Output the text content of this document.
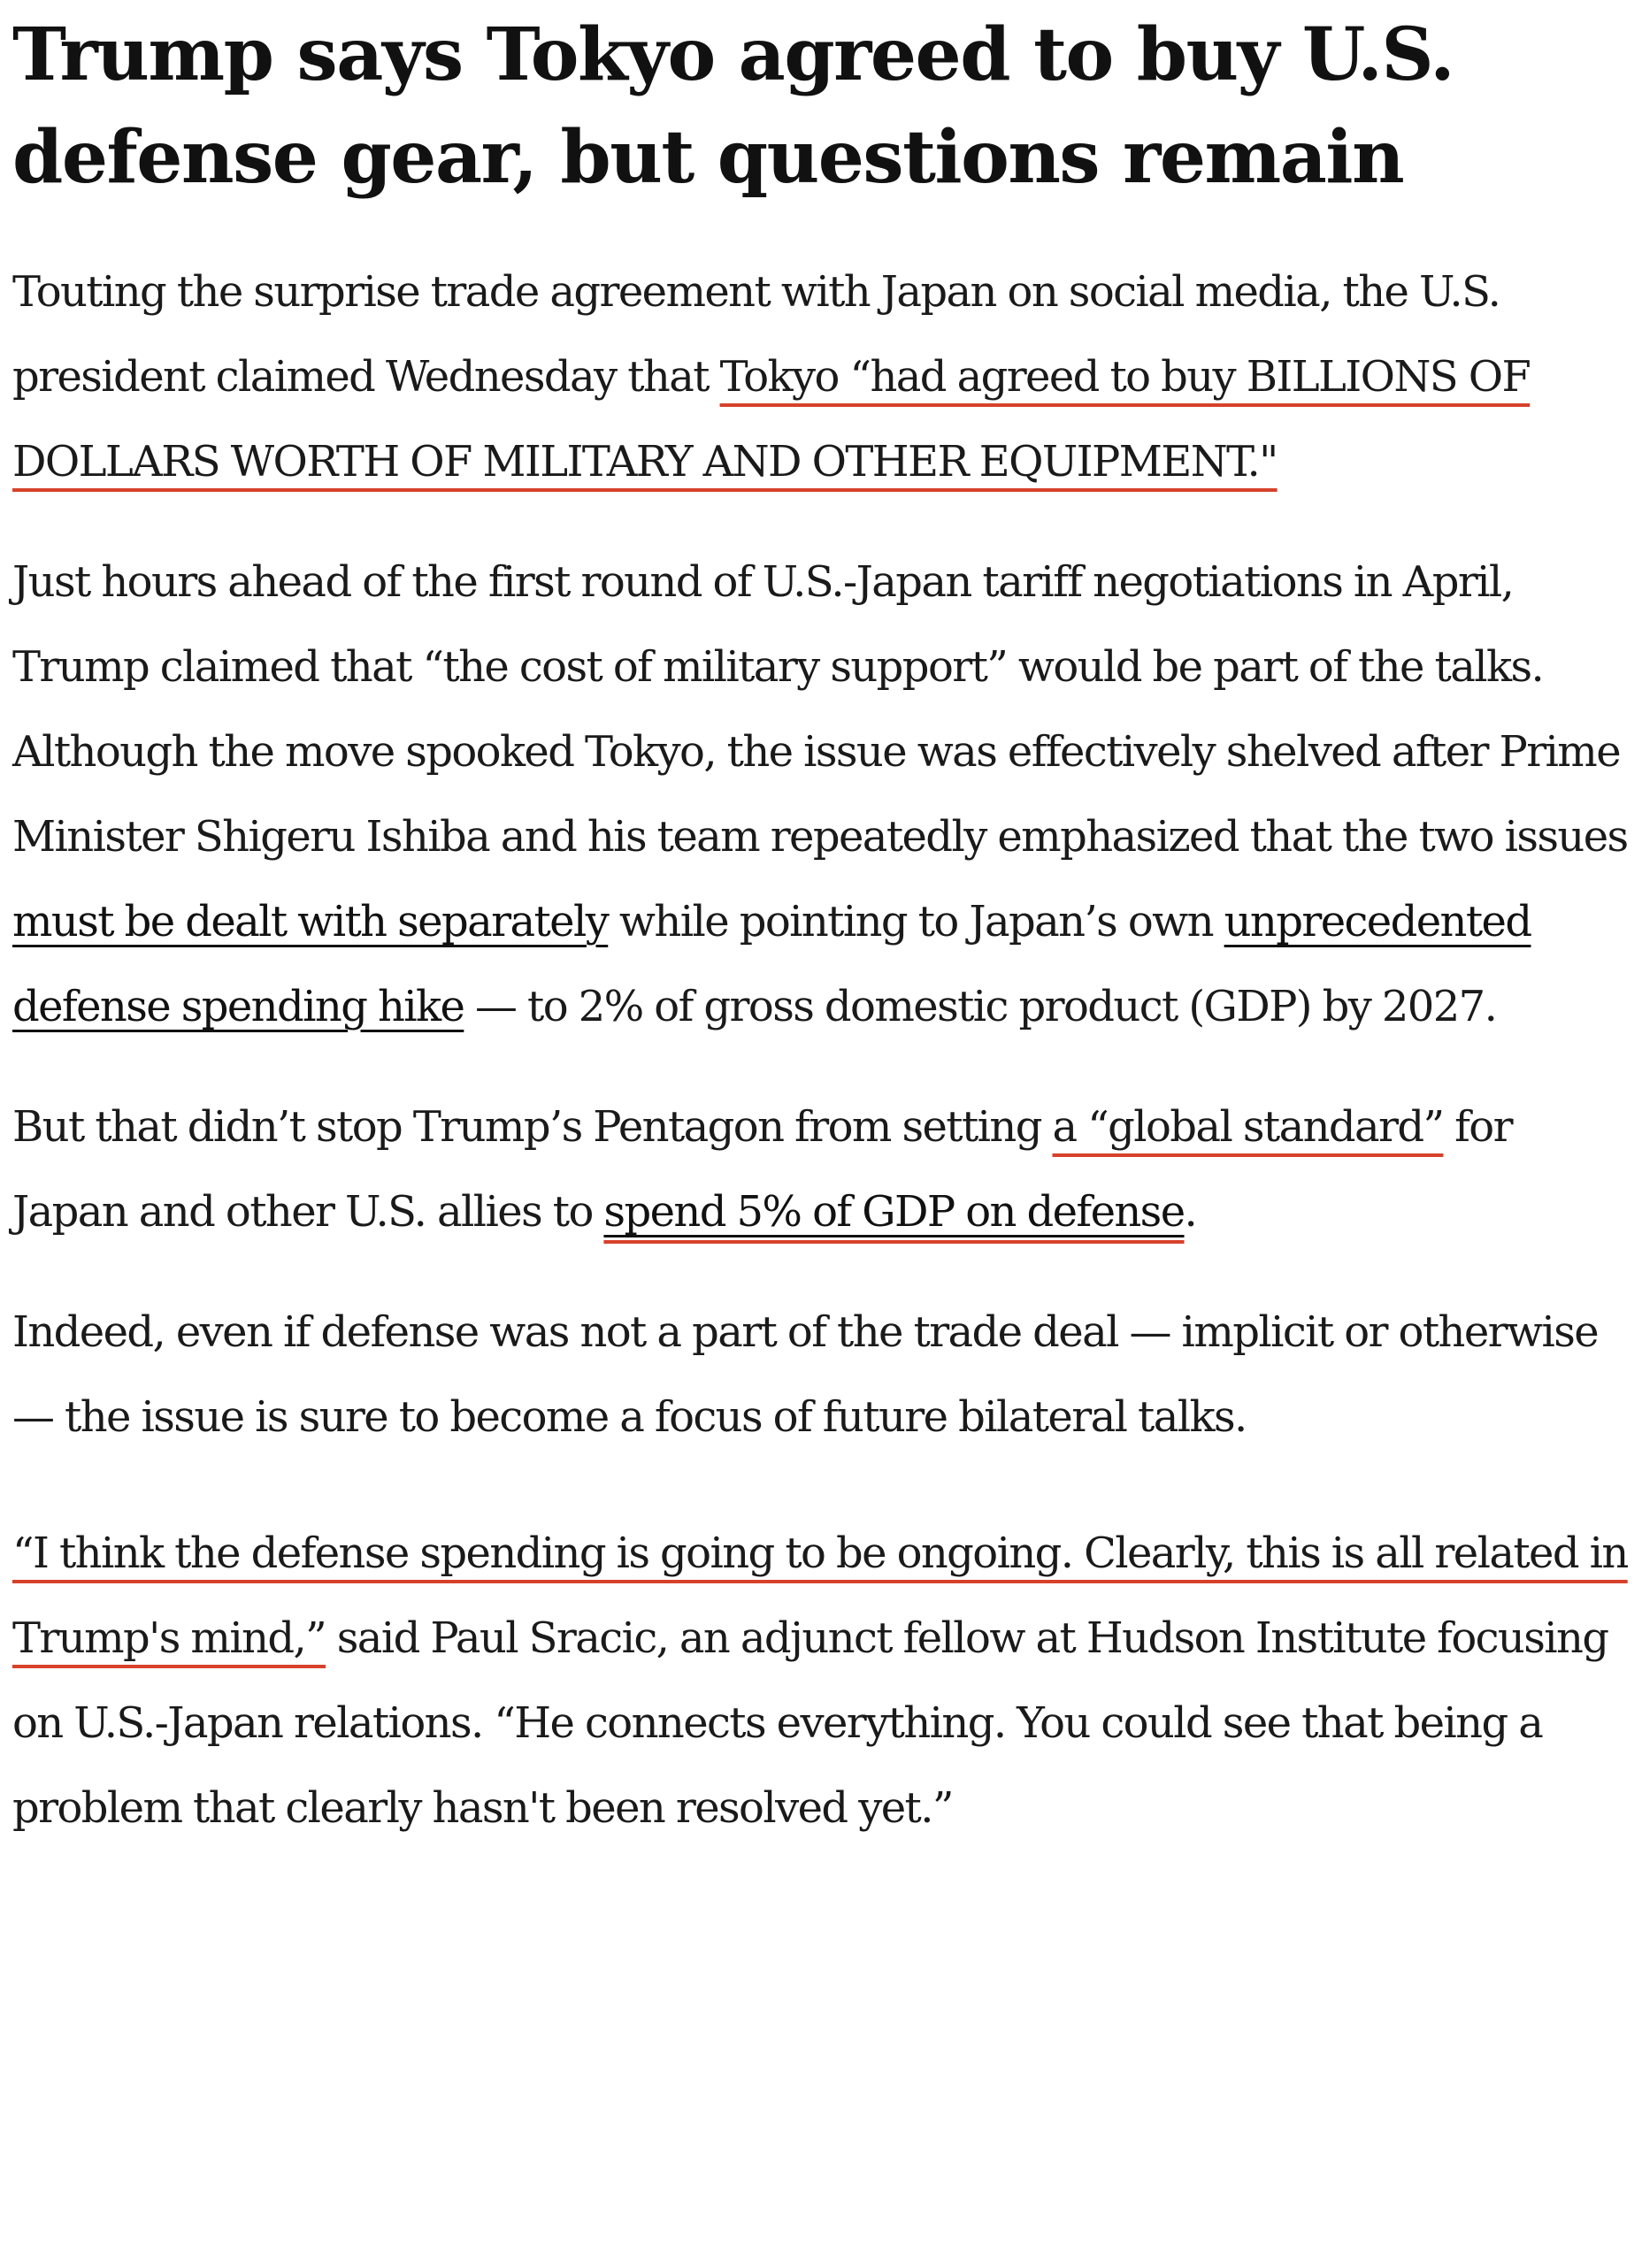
Trump says Tokyo agreed to buy U.S. defense gear, but questions remain

Touting the surprise trade agreement with Japan on social media, the U.S. president claimed Wednesday that Tokyo “had agreed to buy BILLIONS OF DOLLARS WORTH OF MILITARY AND OTHER EQUIPMENT."

Just hours ahead of the first round of U.S.-Japan tariff negotiations in April, Trump claimed that “the cost of military support” would be part of the talks. Although the move spooked Tokyo, the issue was effectively shelved after Prime Minister Shigeru Ishiba and his team repeatedly emphasized that the two issues must be dealt with separately while pointing to Japan’s own unprecedented defense spending hike — to 2% of gross domestic product (GDP) by 2027.

But that didn’t stop Trump’s Pentagon from setting a “global standard” for Japan and other U.S. allies to spend 5% of GDP on defense.

Indeed, even if defense was not a part of the trade deal — implicit or otherwise — the issue is sure to become a focus of future bilateral talks.

“I think the defense spending is going to be ongoing. Clearly, this is all related in Trump's mind,” said Paul Sracic, an adjunct fellow at Hudson Institute focusing on U.S.-Japan relations. “He connects everything. You could see that being a problem that clearly hasn't been resolved yet.”
